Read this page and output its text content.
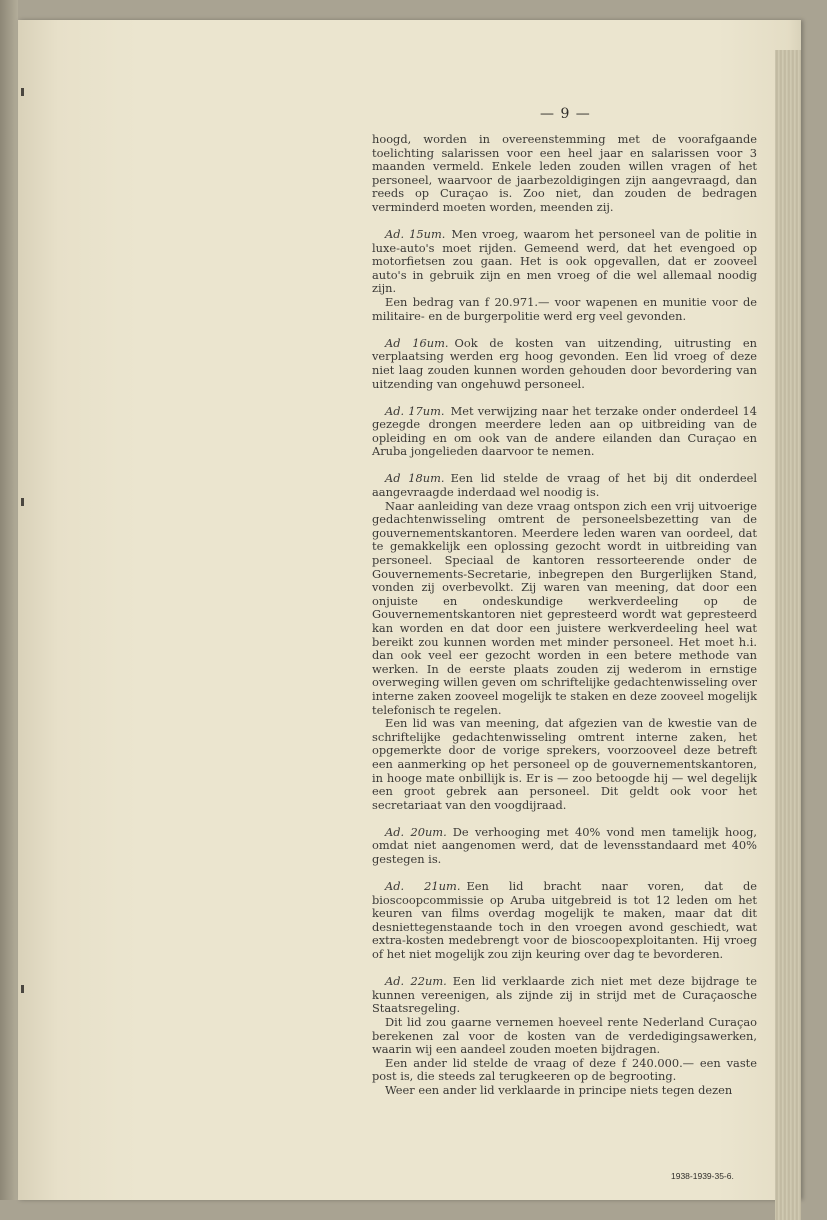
— 9 —

hoogd, worden in overeenstemming met de voorafgaande toelichting salarissen voor een heel jaar en salarissen voor 3 maanden vermeld. Enkele leden zouden willen vragen of het personeel, waarvoor de jaarbezoldigingen zijn aangevraagd, dan reeds op Curaçao is. Zoo niet, dan zouden de bedragen verminderd moeten worden, meenden zij.

Ad. 15um. Men vroeg, waarom het personeel van de politie in luxe-auto's moet rijden. Gemeend werd, dat het evengoed op motorfietsen zou gaan. Het is ook opgevallen, dat er zooveel auto's in gebruik zijn en men vroeg of die wel allemaal noodig zijn.

Een bedrag van f 20.971.— voor wapenen en munitie voor de militaire- en de burgerpolitie werd erg veel gevonden.

Ad 16um. Ook de kosten van uitzending, uitrusting en verplaatsing werden erg hoog gevonden. Een lid vroeg of deze niet laag zouden kunnen worden gehouden door bevordering van uitzending van ongehuwd personeel.

Ad. 17um. Met verwijzing naar het terzake onder onderdeel 14 gezegde drongen meerdere leden aan op uitbreiding van de opleiding en om ook van de andere eilanden dan Curaçao en Aruba jongelieden daarvoor te nemen.

Ad 18um. Een lid stelde de vraag of het bij dit onderdeel aangevraagde inderdaad wel noodig is.

Naar aanleiding van deze vraag ontspon zich een vrij uitvoerige gedachtenwisseling omtrent de personeelsbezetting van de gouvernementskantoren. Meerdere leden waren van oordeel, dat te gemakkelijk een oplossing gezocht wordt in uitbreiding van personeel. Speciaal de kantoren ressorteerende onder de Gouvernements-Secretarie, inbegrepen den Burgerlijken Stand, vonden zij overbevolkt. Zij waren van meening, dat door een onjuiste en ondeskundige werkverdeeling op de Gouvernementskantoren niet gepresteerd wordt wat gepresteerd kan worden en dat door een juistere werkverdeeling heel wat bereikt zou kunnen worden met minder personeel. Het moet h.i. dan ook veel eer gezocht worden in een betere methode van werken. In de eerste plaats zouden zij wederom in ernstige overweging willen geven om schriftelijke gedachtenwisseling over interne zaken zooveel mogelijk te staken en deze zooveel mogelijk telefonisch te regelen.

Een lid was van meening, dat afgezien van de kwestie van de schriftelijke gedachtenwisseling omtrent interne zaken, het opgemerkte door de vorige sprekers, voorzooveel deze betreft een aanmerking op het personeel op de gouvernementskantoren, in hooge mate onbillijk is. Er is — zoo betoogde hij — wel degelijk een groot gebrek aan personeel. Dit geldt ook voor het secretariaat van den voogdijraad.

Ad. 20um. De verhooging met 40% vond men tamelijk hoog, omdat niet aangenomen werd, dat de levensstandaard met 40% gestegen is.

Ad. 21um. Een lid bracht naar voren, dat de bioscoopcommissie op Aruba uitgebreid is tot 12 leden om het keuren van films overdag mogelijk te maken, maar dat dit desniettegenstaande toch in den vroegen avond geschiedt, wat extra-kosten medebrengt voor de bioscoopexploitanten. Hij vroeg of het niet mogelijk zou zijn keuring over dag te bevorderen.

Ad. 22um. Een lid verklaarde zich niet met deze bijdrage te kunnen vereenigen, als zijnde zij in strijd met de Curaçaosche Staatsregeling.

Dit lid zou gaarne vernemen hoeveel rente Nederland Curaçao berekenen zal voor de kosten van de verdedigingsawerken, waarin wij een aandeel zouden moeten bijdragen.

Een ander lid stelde de vraag of deze f 240.000.— een vaste post is, die steeds zal terugkeeren op de begrooting.

Weer een ander lid verklaarde in principe niets tegen dezen

1938-1939-35-6.
